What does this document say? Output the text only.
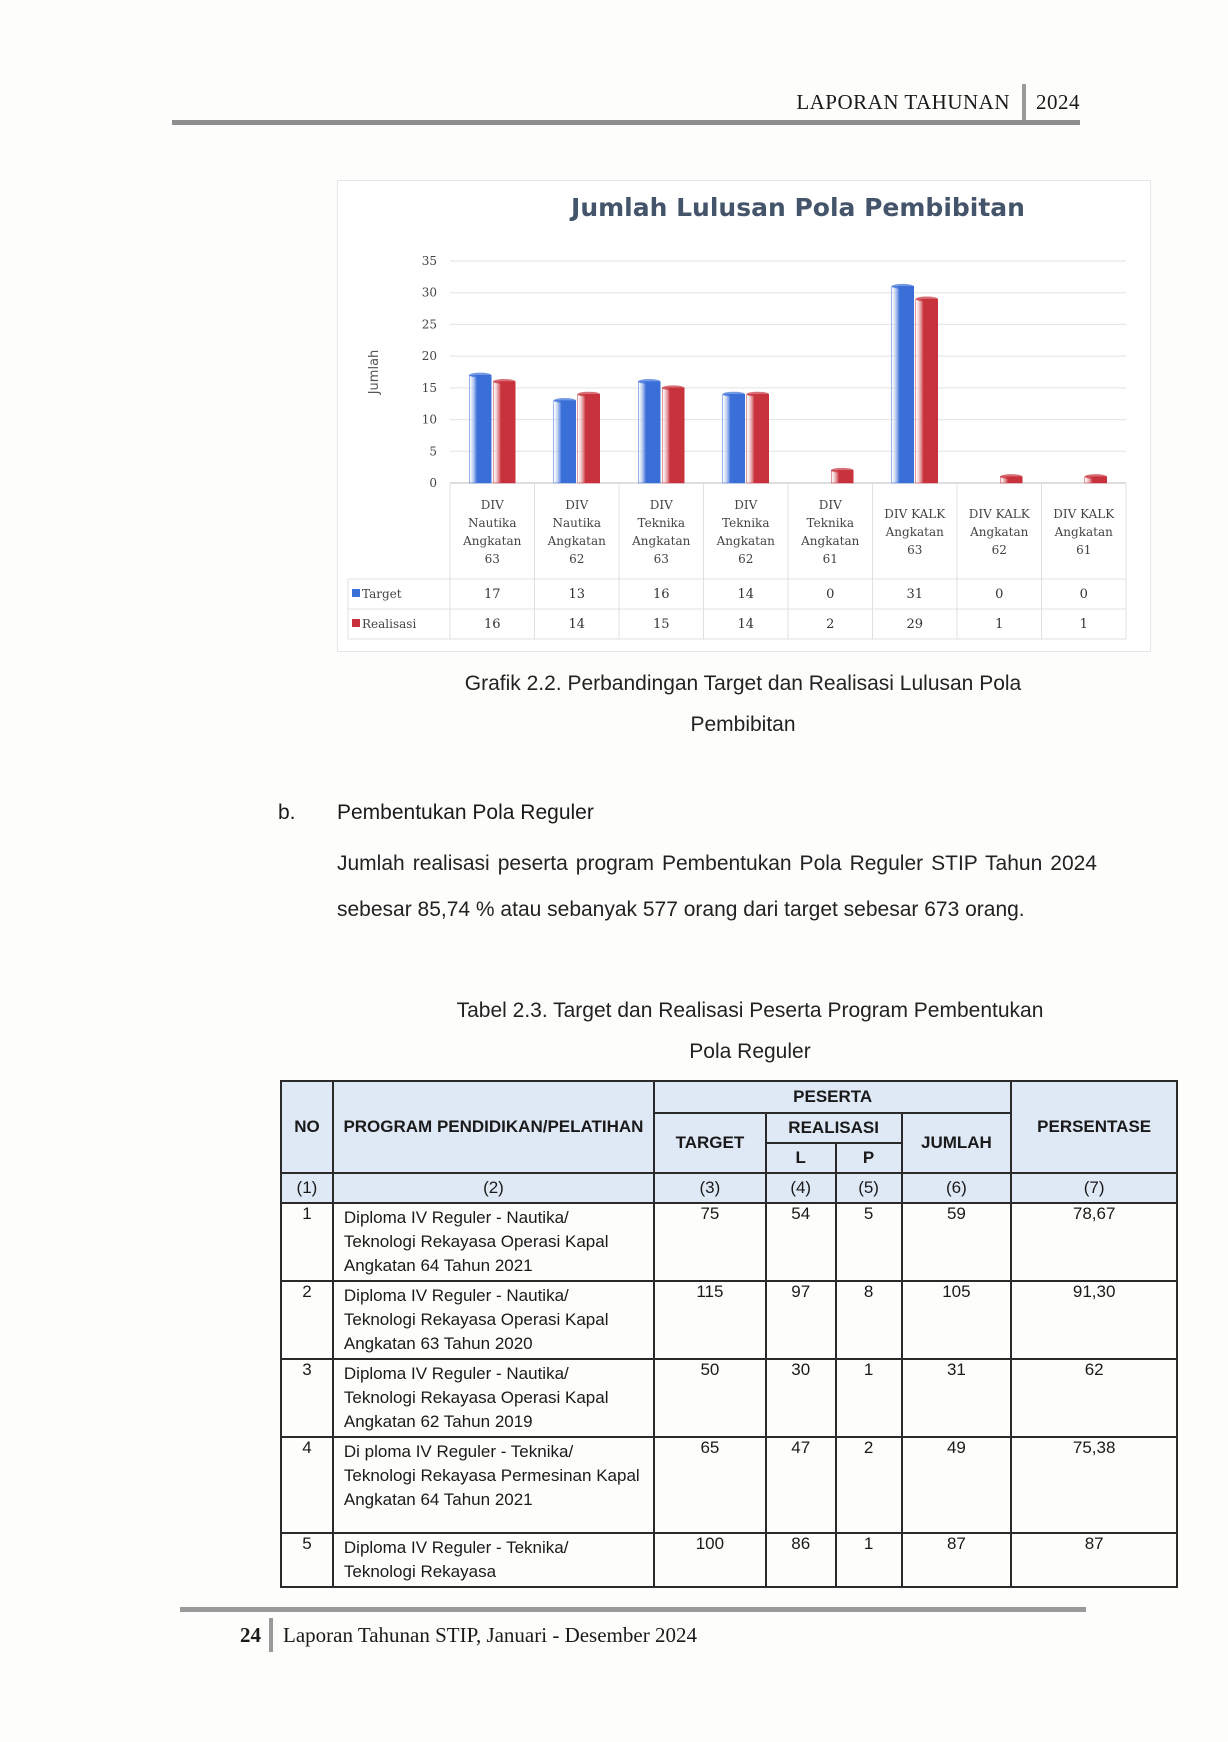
LAPORAN TAHUNAN	2024
Jumlah Lulusan Pola Pembibitan
Jumlah
0
5
10
15
20
25
30
35
DIV Nautika Angkatan 63
DIV Nautika Angkatan 62
DIV Teknika Angkatan 63
DIV Teknika Angkatan 62
DIV Teknika Angkatan 61
DIV KALK Angkatan 63
DIV KALK Angkatan 62
DIV KALK Angkatan 61
Target	17	13	16	14	0	31	0	0
Realisasi	16	14	15	14	2	29	1	1
Grafik 2.2. Perbandingan Target dan Realisasi Lulusan Pola
Pembibitan
b. Pembentukan Pola Reguler
Jumlah realisasi peserta program Pembentukan Pola Reguler STIP Tahun 2024 sebesar 85,74 % atau sebanyak 577 orang dari target sebesar 673 orang.
Tabel 2.3. Target dan Realisasi Peserta Program Pembentukan
Pola Reguler
NO	PROGRAM PENDIDIKAN/PELATIHAN	PESERTA				PERSENTASE
		TARGET	REALISASI		JUMLAH	
			L	P		
(1)	(2)	(3)	(4)	(5)	(6)	(7)
1	Diploma IV Reguler - Nautika/ Teknologi Rekayasa Operasi Kapal Angkatan 64 Tahun 2021	75	54	5	59	78,67
2	Diploma IV Reguler - Nautika/ Teknologi Rekayasa Operasi Kapal Angkatan 63 Tahun 2020	115	97	8	105	91,30
3	Diploma IV Reguler - Nautika/ Teknologi Rekayasa Operasi Kapal Angkatan 62 Tahun 2019	50	30	1	31	62
4	Di ploma IV Reguler - Teknika/ Teknologi Rekayasa Permesinan Kapal Angkatan 64 Tahun 2021	65	47	2	49	75,38
5	Diploma IV Reguler - Teknika/ Teknologi Rekayasa	100	86	1	87	87
24	Laporan Tahunan STIP, Januari - Desember 2024
